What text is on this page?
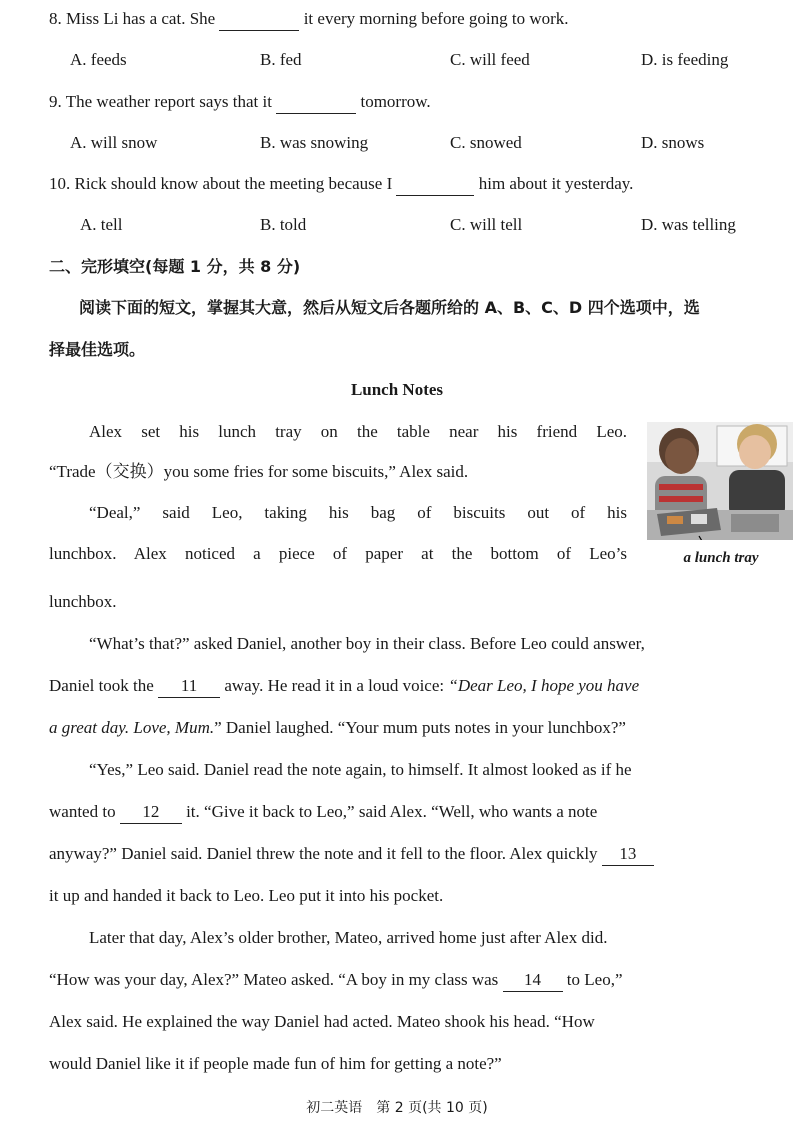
8. Miss Li has a cat. She	it every morning before going to work.
A. feeds	B. fed	C. will feed	D. is feeding
9. The weather report says that it	tomorrow.
A. will snow	B. was snowing	C. snowed	D. snows
10. Rick should know about the meeting because I	him about it yesterday.
A. tell	B. told	C. will tell	D. was telling
二、完形填空(每题 1 分，共 8 分)
阅读下面的短文，掌握其大意，然后从短文后各题所给的 A、B、C、D 四个选项中，选
择最佳选项。
Lunch Notes
Alex set his lunch tray on the table near his friend Leo.
“Trade（交换）you some fries for some biscuits,” Alex said.
“Deal,” said Leo, taking his bag of biscuits out of his
lunchbox. Alex noticed a piece of paper at the bottom of Leo’s
lunchbox.
a lunch tray
“What’s that?” asked Daniel, another boy in their class. Before Leo could answer,
Daniel took the 11 away. He read it in a loud voice: “Dear Leo, I hope you have
a great day. Love, Mum.” Daniel laughed. “Your mum puts notes in your lunchbox?”
“Yes,” Leo said. Daniel read the note again, to himself. It almost looked as if he
wanted to 12 it. “Give it back to Leo,” said Alex. “Well, who wants a note
anyway?” Daniel said. Daniel threw the note and it fell to the floor. Alex quickly 13
it up and handed it back to Leo. Leo put it into his pocket.
Later that day, Alex’s older brother, Mateo, arrived home just after Alex did.
“How was your day, Alex?” Mateo asked. “A boy in my class was 14 to Leo,”
Alex said. He explained the way Daniel had acted. Mateo shook his head. “How
would Daniel like it if people made fun of him for getting a note?”
初二英语　第 2 页(共 10 页)
